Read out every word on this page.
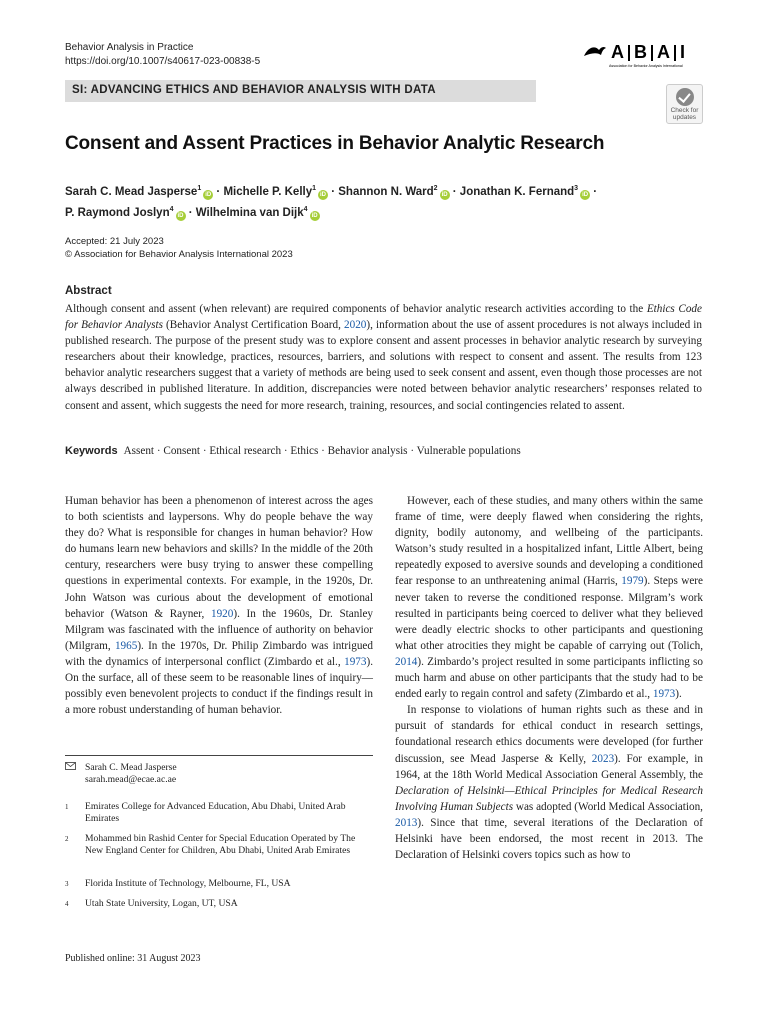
Behavior Analysis in Practice
https://doi.org/10.1007/s40617-023-00838-5	A B A I
Association for Behavior Analysis International
SI: ADVANCING ETHICS AND BEHAVIOR ANALYSIS WITH DATA
Check for updates
Consent and Assent Practices in Behavior Analytic Research
Sarah C. Mead Jasperse$^1$iD · Michelle P. Kelly$^1$iD · Shannon N. Ward$^2$iD · Jonathan K. Fernand$^3$iD ·
P. Raymond Joslyn$^4$iD · Wilhelmina van Dijk$^4$iD
Accepted: 21 July 2023
© Association for Behavior Analysis International 2023
Abstract
Although consent and assent (when relevant) are required components of behavior analytic research activities according to the Ethics Code for Behavior Analysts (Behavior Analyst Certification Board, 2020), information about the use of assent procedures is not always included in published research. The purpose of the present study was to explore consent and assent processes in behavior analytic research by surveying researchers about their knowledge, practices, resources, barriers, and solutions with respect to consent and assent. The results from 123 behavior analytic researchers suggest that a variety of methods are being used to seek consent and assent, even though those processes are not always described in published literature. In addition, discrepancies were noted between behavior analytic researchers’ responses related to consent and assent, which suggests the need for more research, training, resources, and social contingencies related to assent.
Keywords Assent · Consent · Ethical research · Ethics · Behavior analysis · Vulnerable populations

Human behavior has been a phenomenon of interest across the ages to both scientists and laypersons. Why do people behave the way they do? What is responsible for changes in human behavior? How do humans learn new behaviors and skills? In the middle of the 20th century, researchers were busy trying to answer these compelling questions in experimental contexts. For example, in the 1920s, Dr. John Watson was curious about the development of emotional behavior (Watson & Rayner, 1920). In the 1960s, Dr. Stanley Milgram was fascinated with the influence of authority on behavior (Milgram, 1965). In the 1970s, Dr. Philip Zimbardo was intrigued with the dynamics of interpersonal conflict (Zimbardo et al., 1973). On the surface, all of these seem to be reasonable lines of inquiry—possibly even benevolent projects to conduct if the findings result in a more robust understanding of human behavior.

Sarah C. Mead Jasperse
sarah.mead@ecae.ac.ae
1 Emirates College for Advanced Education, Abu Dhabi, United Arab Emirates
2 Mohammed bin Rashid Center for Special Education Operated by The New England Center for Children, Abu Dhabi, United Arab Emirates
3 Florida Institute of Technology, Melbourne, FL, USA
4 Utah State University, Logan, UT, USA

However, each of these studies, and many others within the same frame of time, were deeply flawed when considering the rights, dignity, bodily autonomy, and wellbeing of the participants. Watson’s study resulted in a hospitalized infant, Little Albert, being repeatedly exposed to aversive sounds and developing a conditioned fear response to an unthreatening animal (Harris, 1979). Steps were never taken to reverse the conditioned response. Milgram’s work resulted in participants being coerced to deliver what they believed were deadly electric shocks to other participants and questioning what other atrocities they might be capable of carrying out (Tolich, 2014). Zimbardo’s project resulted in some participants inflicting so much harm and abuse on other participants that the study had to be ended early to regain control and safety (Zimbardo et al., 1973).

In response to violations of human rights such as these and in pursuit of standards for ethical conduct in research settings, foundational research ethics documents were developed (for further discussion, see Mead Jasperse & Kelly, 2023). For example, in 1964, at the 18th World Medical Association General Assembly, the Declaration of Helsinki—Ethical Principles for Medical Research Involving Human Subjects was adopted (World Medical Association, 2013). Since that time, several iterations of the Declaration of Helsinki have been endorsed, the most recent in 2013. The Declaration of Helsinki covers topics such as how to

Published online: 31 August 2023
